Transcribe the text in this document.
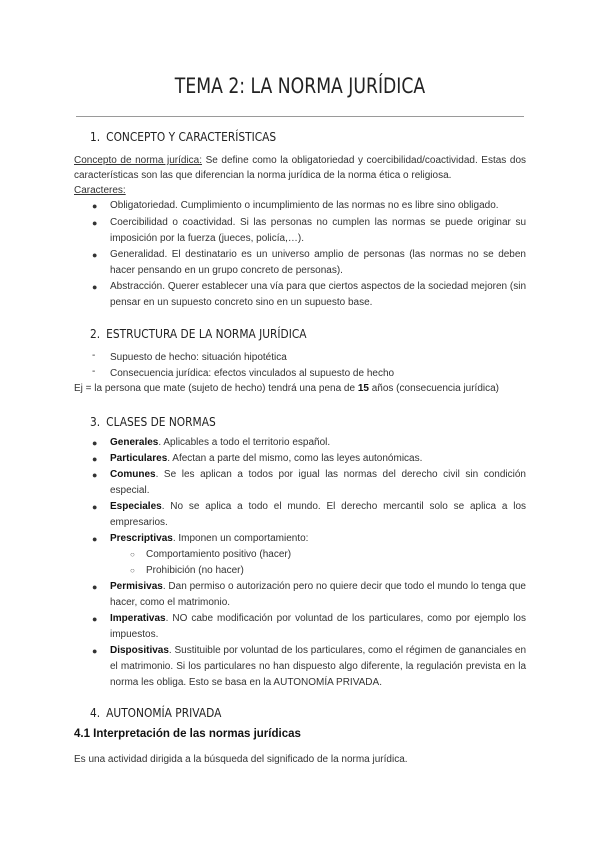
TEMA 2: LA NORMA JURÍDICA
1. CONCEPTO Y CARACTERÍSTICAS
Concepto de norma jurídica: Se define como la obligatoriedad y coercibilidad/coactividad. Estas dos características son las que diferencian la norma jurídica de la norma ética o religiosa.
Caracteres:
● Obligatoriedad. Cumplimiento o incumplimiento de las normas no es libre sino obligado.
● Coercibilidad o coactividad. Si las personas no cumplen las normas se puede originar su imposición por la fuerza (jueces, policía,…).
● Generalidad. El destinatario es un universo amplio de personas (las normas no se deben hacer pensando en un grupo concreto de personas).
● Abstracción. Querer establecer una vía para que ciertos aspectos de la sociedad mejoren (sin pensar en un supuesto concreto sino en un supuesto base.
2. ESTRUCTURA DE LA NORMA JURÍDICA
- Supuesto de hecho: situación hipotética
- Consecuencia jurídica: efectos vinculados al supuesto de hecho
Ej = la persona que mate (sujeto de hecho) tendrá una pena de 15 años (consecuencia jurídica)
3. CLASES DE NORMAS
● Generales. Aplicables a todo el territorio español.
● Particulares. Afectan a parte del mismo, como las leyes autonómicas.
● Comunes. Se les aplican a todos por igual las normas del derecho civil sin condición especial.
● Especiales. No se aplica a todo el mundo. El derecho mercantil solo se aplica a los empresarios.
● Prescriptivas. Imponen un comportamiento:
○ Comportamiento positivo (hacer)
○ Prohibición (no hacer)
● Permisivas. Dan permiso o autorización pero no quiere decir que todo el mundo lo tenga que hacer, como el matrimonio.
● Imperativas. NO cabe modificación por voluntad de los particulares, como por ejemplo los impuestos.
● Dispositivas. Sustituible por voluntad de los particulares, como el régimen de gananciales en el matrimonio. Si los particulares no han dispuesto algo diferente, la regulación prevista en la norma les obliga. Esto se basa en la AUTONOMÍA PRIVADA.
4. AUTONOMÍA PRIVADA
4.1 Interpretación de las normas jurídicas
Es una actividad dirigida a la búsqueda del significado de la norma jurídica.
